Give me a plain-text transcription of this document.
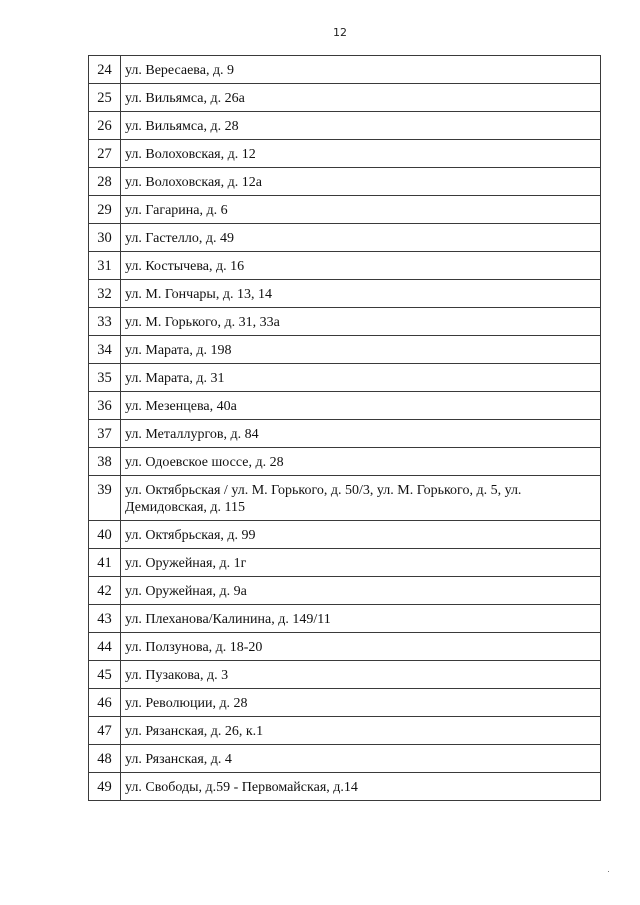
12
24	ул. Вересаева, д. 9
25	ул. Вильямса, д. 26а
26	ул. Вильямса, д. 28
27	ул. Волоховская, д. 12
28	ул. Волоховская, д. 12а
29	ул. Гагарина, д. 6
30	ул. Гастелло, д. 49
31	ул. Костычева, д. 16
32	ул. М. Гончары, д. 13, 14
33	ул. М. Горького, д. 31, 33а
34	ул. Марата, д. 198
35	ул. Марата, д. 31
36	ул. Мезенцева, 40а
37	ул. Металлургов, д. 84
38	ул. Одоевское шоссе, д. 28
39	ул. Октябрьская / ул. М. Горького, д. 50/3, ул. М. Горького, д. 5, ул. Демидовская, д. 115
40	ул. Октябрьская, д. 99
41	ул. Оружейная, д. 1г
42	ул. Оружейная, д. 9а
43	ул. Плеханова/Калинина, д. 149/11
44	ул. Ползунова, д. 18-20
45	ул. Пузакова, д. 3
46	ул. Революции, д. 28
47	ул. Рязанская, д. 26, к.1
48	ул. Рязанская, д. 4
49	ул. Свободы, д.59 - Первомайская, д.14
